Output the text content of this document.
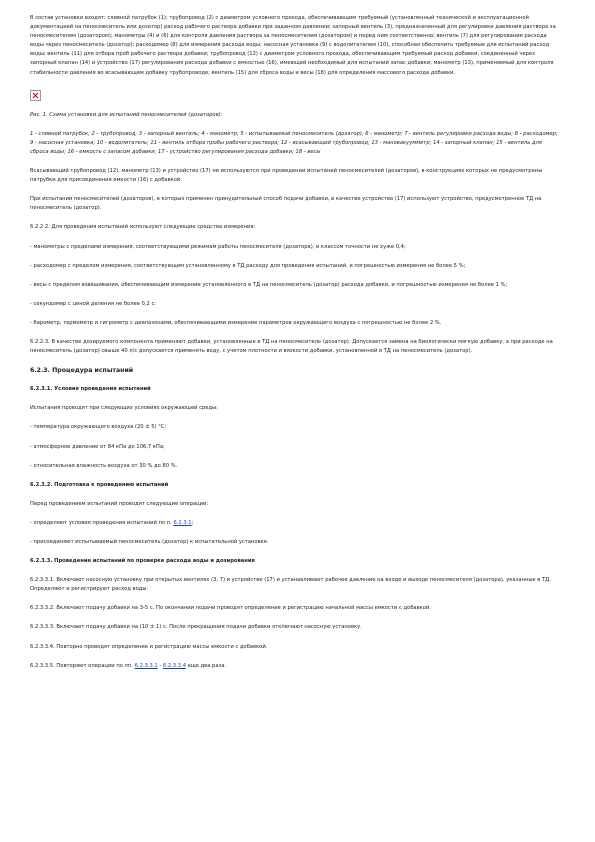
В состав установки входят: сливной патрубок (1); трубопровод (2) с диаметром условного прохода, обеспечивающим требуемый (установленный технической и эксплуатационной документацией на пеносмеситель или дозатор) расход рабочего раствора добавки при заданном давлении; запорный вентиль (3), предназначенный для регулировки давления раствора за пеносмесителем (дозатором); манометры (4) и (6) для контроля давления раствора за пеносмесителем (дозатором) и перед ним соответственно; вентиль (7) для регулирования расхода воды через пеносмеситель (дозатор); расходомер (8) для измерения расхода воды; насосная установка (9) с водопитателем (10), способная обеспечить требуемые для испытаний расход воды; вентиль (11) для отбора проб рабочего раствора добавки; трубопровод (12) с диаметром условного прохода, обеспечивающим требуемый расход добавки, соединенный через запорный клапан (14) и устройство (17) регулирования расхода добавки с емкостью (16), имеющей необходимый для испытаний запас добавки; манометр (13), применяемый для контроля стабильности давления во всасывающем добавку трубопроводе; вентиль (15) для сброса воды и весы (18) для определения массового расхода добавки.

Рис. 1. Схема установки для испытаний пеносмесителей (дозаторов):

1 - сливной патрубок; 2 - трубопровод; 3 - запорный вентиль; 4 - манометр; 5 - испытываемый пеносмеситель (дозатор); 6 - манометр; 7 - вентиль регулировки расхода воды; 8 - расходомер; 9 - насосная установка; 10 - водопитатель; 11 - вентиль отбора пробы рабочего раствора; 12 - всасывающий трубопровод; 13 - мановакуумметр; 14 - запорный клапан; 15 - вентиль для сброса воды; 16 - емкость с запасом добавки; 17 - устройство регулирования расхода добавки; 18 - весы

Всасывающий трубопровод (12), манометр (13) и устройство (17) не используются при проведении испытаний пеносмесителей (дозаторов), в конструкциях которых не предусмотрены патрубки для присоединения емкости (16) с добавкой.

При испытании пеносмесителей (дозаторов), в которых применен принудительный способ подачи добавки, в качестве устройства (17) используют устройство, предусмотренное ТД на пеносмеситель (дозатор).

6.2.2.2. Для проведения испытаний используют следующие средства измерения:

- манометры с пределами измерения, соответствующими режимам работы пеносмесителя (дозатора), и классом точности не хуже 0,4;

- расходомер с пределом измерения, соответствующим установленному в ТД расходу для проведения испытаний, и погрешностью измерения не более 5 %;

- весы с пределом взвешивания, обеспечивающим измерение установленного в ТД на пеносмеситель (дозатор) расхода добавки, и погрешностью измерения не более 1 %;

- секундомер с ценой деления не более 0,2 с;

- барометр, термометр и гигрометр с диапазонами, обеспечивающими измерение параметров окружающего воздуха с погрешностью не более 2 %.

6.2.2.3. В качестве дозируемого компонента применяют добавки, установленные в ТД на пеносмеситель (дозатор). Допускается замена на биологически мягкую добавку, а при расходе на пеносмеситель (дозатор) свыше 40 л/с допускается применять воду, с учетом плотности и вязкости добавки, установленной в ТД на пеносмеситель (дозатор).

6.2.3. Процедура испытаний

6.2.3.1. Условия проведения испытаний

Испытания проводят при следующих условиях окружающей среды:

- температура окружающего воздуха (20 ± 5) °С;

- атмосферное давление от 84 кПа до 106,7 кПа;

- относительная влажность воздуха от 30 % до 80 %.

6.2.3.2. Подготовка к проведению испытаний

Перед проведением испытаний проводят следующие операции:

- определяют условия проведения испытаний по п. 6.2.3.1;

- присоединяют испытываемый пеносмеситель (дозатор) к испытательной установке.

6.2.3.3. Проведение испытаний по проверке расхода воды и дозирования

6.2.3.3.1. Включают насосную установку при открытых вентилях (3, 7) и устройстве (17) и устанавливают рабочее давление на входе и выходе пеносмесителя (дозатора), указанные в ТД. Определяют и регистрируют расход воды.

6.2.3.3.2. Включают подачу добавки на 3-5 с. По окончании подачи проводят определение и регистрацию начальной массы емкости с добавкой.

6.2.3.3.3. Включают подачу добавки на (10 ± 1) с. После прекращения подачи добавки отключают насосную установку.

6.2.3.3.4. Повторно проводят определение и регистрацию массы емкости с добавкой.

6.2.3.3.5. Повторяют операции по пп. 6.2.3.3.1 - 6.2.3.3.4 еще два раза.
